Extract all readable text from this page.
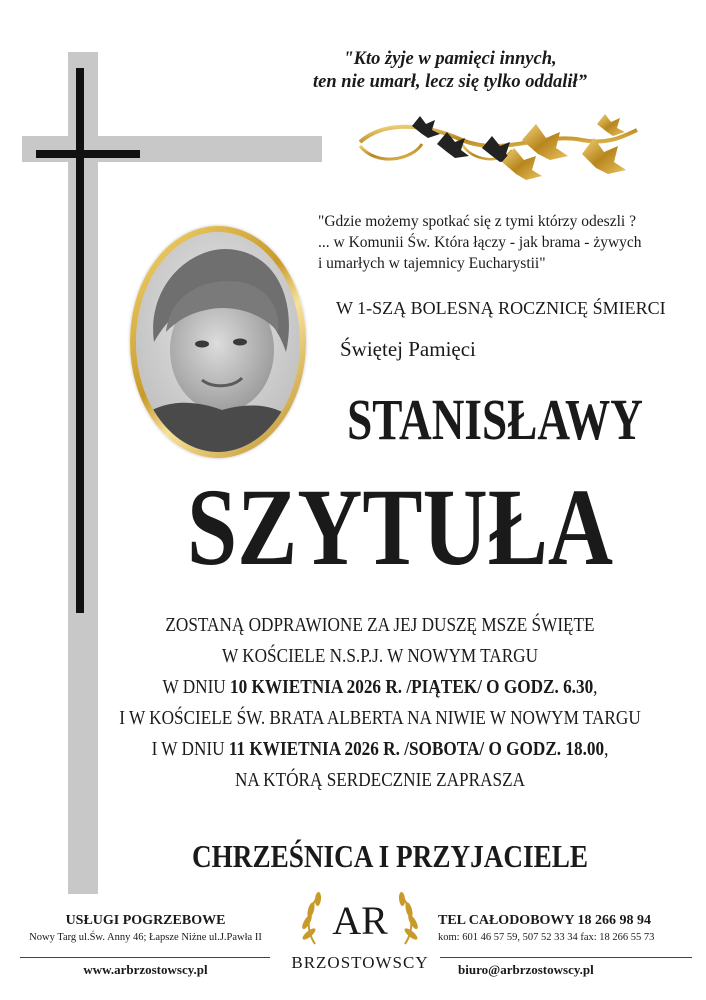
"Kto żyje w pamięci innych,
ten nie umarł, lecz się tylko oddalił”
"Gdzie możemy spotkać się z tymi którzy odeszli ?
... w Komunii Św. Która łączy - jak brama - żywych
i umarłych w tajemnicy Eucharystii"
W 1-SZĄ BOLESNĄ ROCZNICĘ ŚMIERCI
Świętej Pamięci
STANISŁAWY
SZYTUŁA
ZOSTANĄ ODPRAWIONE ZA JEJ DUSZĘ MSZE ŚWIĘTE
W KOŚCIELE N.S.P.J. W NOWYM TARGU
W DNIU 10 KWIETNIA 2026 R. /PIĄTEK/ O GODZ. 6.30,
I W KOŚCIELE ŚW. BRATA ALBERTA NA NIWIE W NOWYM TARGU
I W DNIU 11 KWIETNIA 2026 R. /SOBOTA/ O GODZ. 18.00,
NA KTÓRĄ SERDECZNIE ZAPRASZA
CHRZEŚNICA I PRZYJACIELE
USŁUGI POGRZEBOWE
Nowy Targ ul.Św. Anny 46; Łapsze Niżne ul.J.Pawła II
www.arbrzostowscy.pl
AR
BRZOSTOWSCY
TEL CAŁODOBOWY 18 266 98 94
kom: 601 46 57 59, 507 52 33 34 fax: 18 266 55 73
biuro@arbrzostowscy.pl
